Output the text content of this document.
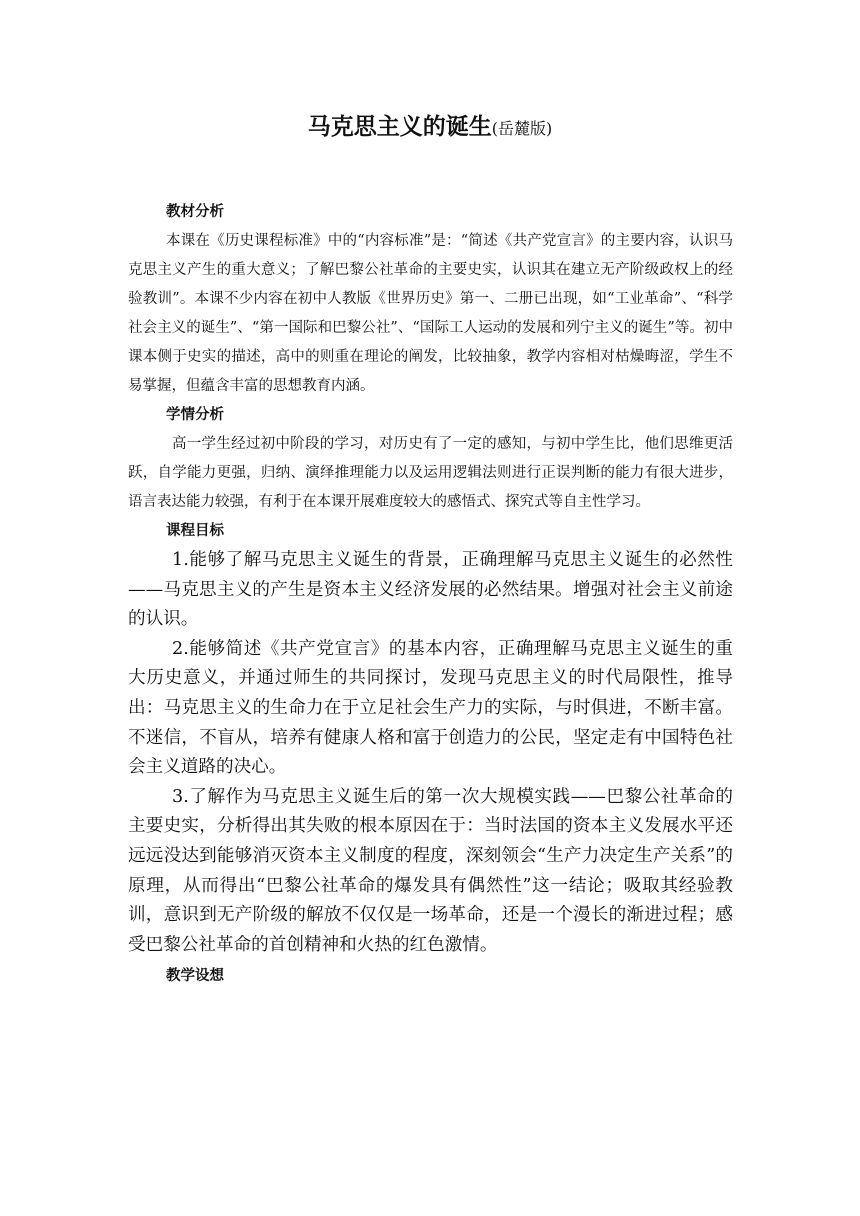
马克思主义的诞生(岳麓版)
教材分析

本课在《历史课程标准》中的“内容标准”是：“简述《共产党宣言》的主要内容，认识马克思主义产生的重大意义；了解巴黎公社革命的主要史实，认识其在建立无产阶级政权上的经验教训”。本课不少内容在初中人教版《世界历史》第一、二册已出现，如“工业革命”、“科学社会主义的诞生”、“第一国际和巴黎公社”、“国际工人运动的发展和列宁主义的诞生”等。初中课本侧于史实的描述，高中的则重在理论的阐发，比较抽象，教学内容相对枯燥晦涩，学生不易掌握，但蕴含丰富的思想教育内涵。

学情分析

高一学生经过初中阶段的学习，对历史有了一定的感知，与初中学生比，他们思维更活跃，自学能力更强，归纳、演绎推理能力以及运用逻辑法则进行正误判断的能力有很大进步，语言表达能力较强，有利于在本课开展难度较大的感悟式、探究式等自主性学习。

课程目标

1.能够了解马克思主义诞生的背景，正确理解马克思主义诞生的必然性——马克思主义的产生是资本主义经济发展的必然结果。增强对社会主义前途的认识。

2.能够简述《共产党宣言》的基本内容，正确理解马克思主义诞生的重大历史意义，并通过师生的共同探讨，发现马克思主义的时代局限性，推导出：马克思主义的生命力在于立足社会生产力的实际，与时俱进，不断丰富。不迷信，不盲从，培养有健康人格和富于创造力的公民，坚定走有中国特色社会主义道路的决心。

3.了解作为马克思主义诞生后的第一次大规模实践——巴黎公社革命的主要史实，分析得出其失败的根本原因在于：当时法国的资本主义发展水平还远远没达到能够消灭资本主义制度的程度，深刻领会“生产力决定生产关系”的原理，从而得出“巴黎公社革命的爆发具有偶然性”这一结论；吸取其经验教训，意识到无产阶级的解放不仅仅是一场革命，还是一个漫长的渐进过程；感受巴黎公社革命的首创精神和火热的红色激情。

教学设想
